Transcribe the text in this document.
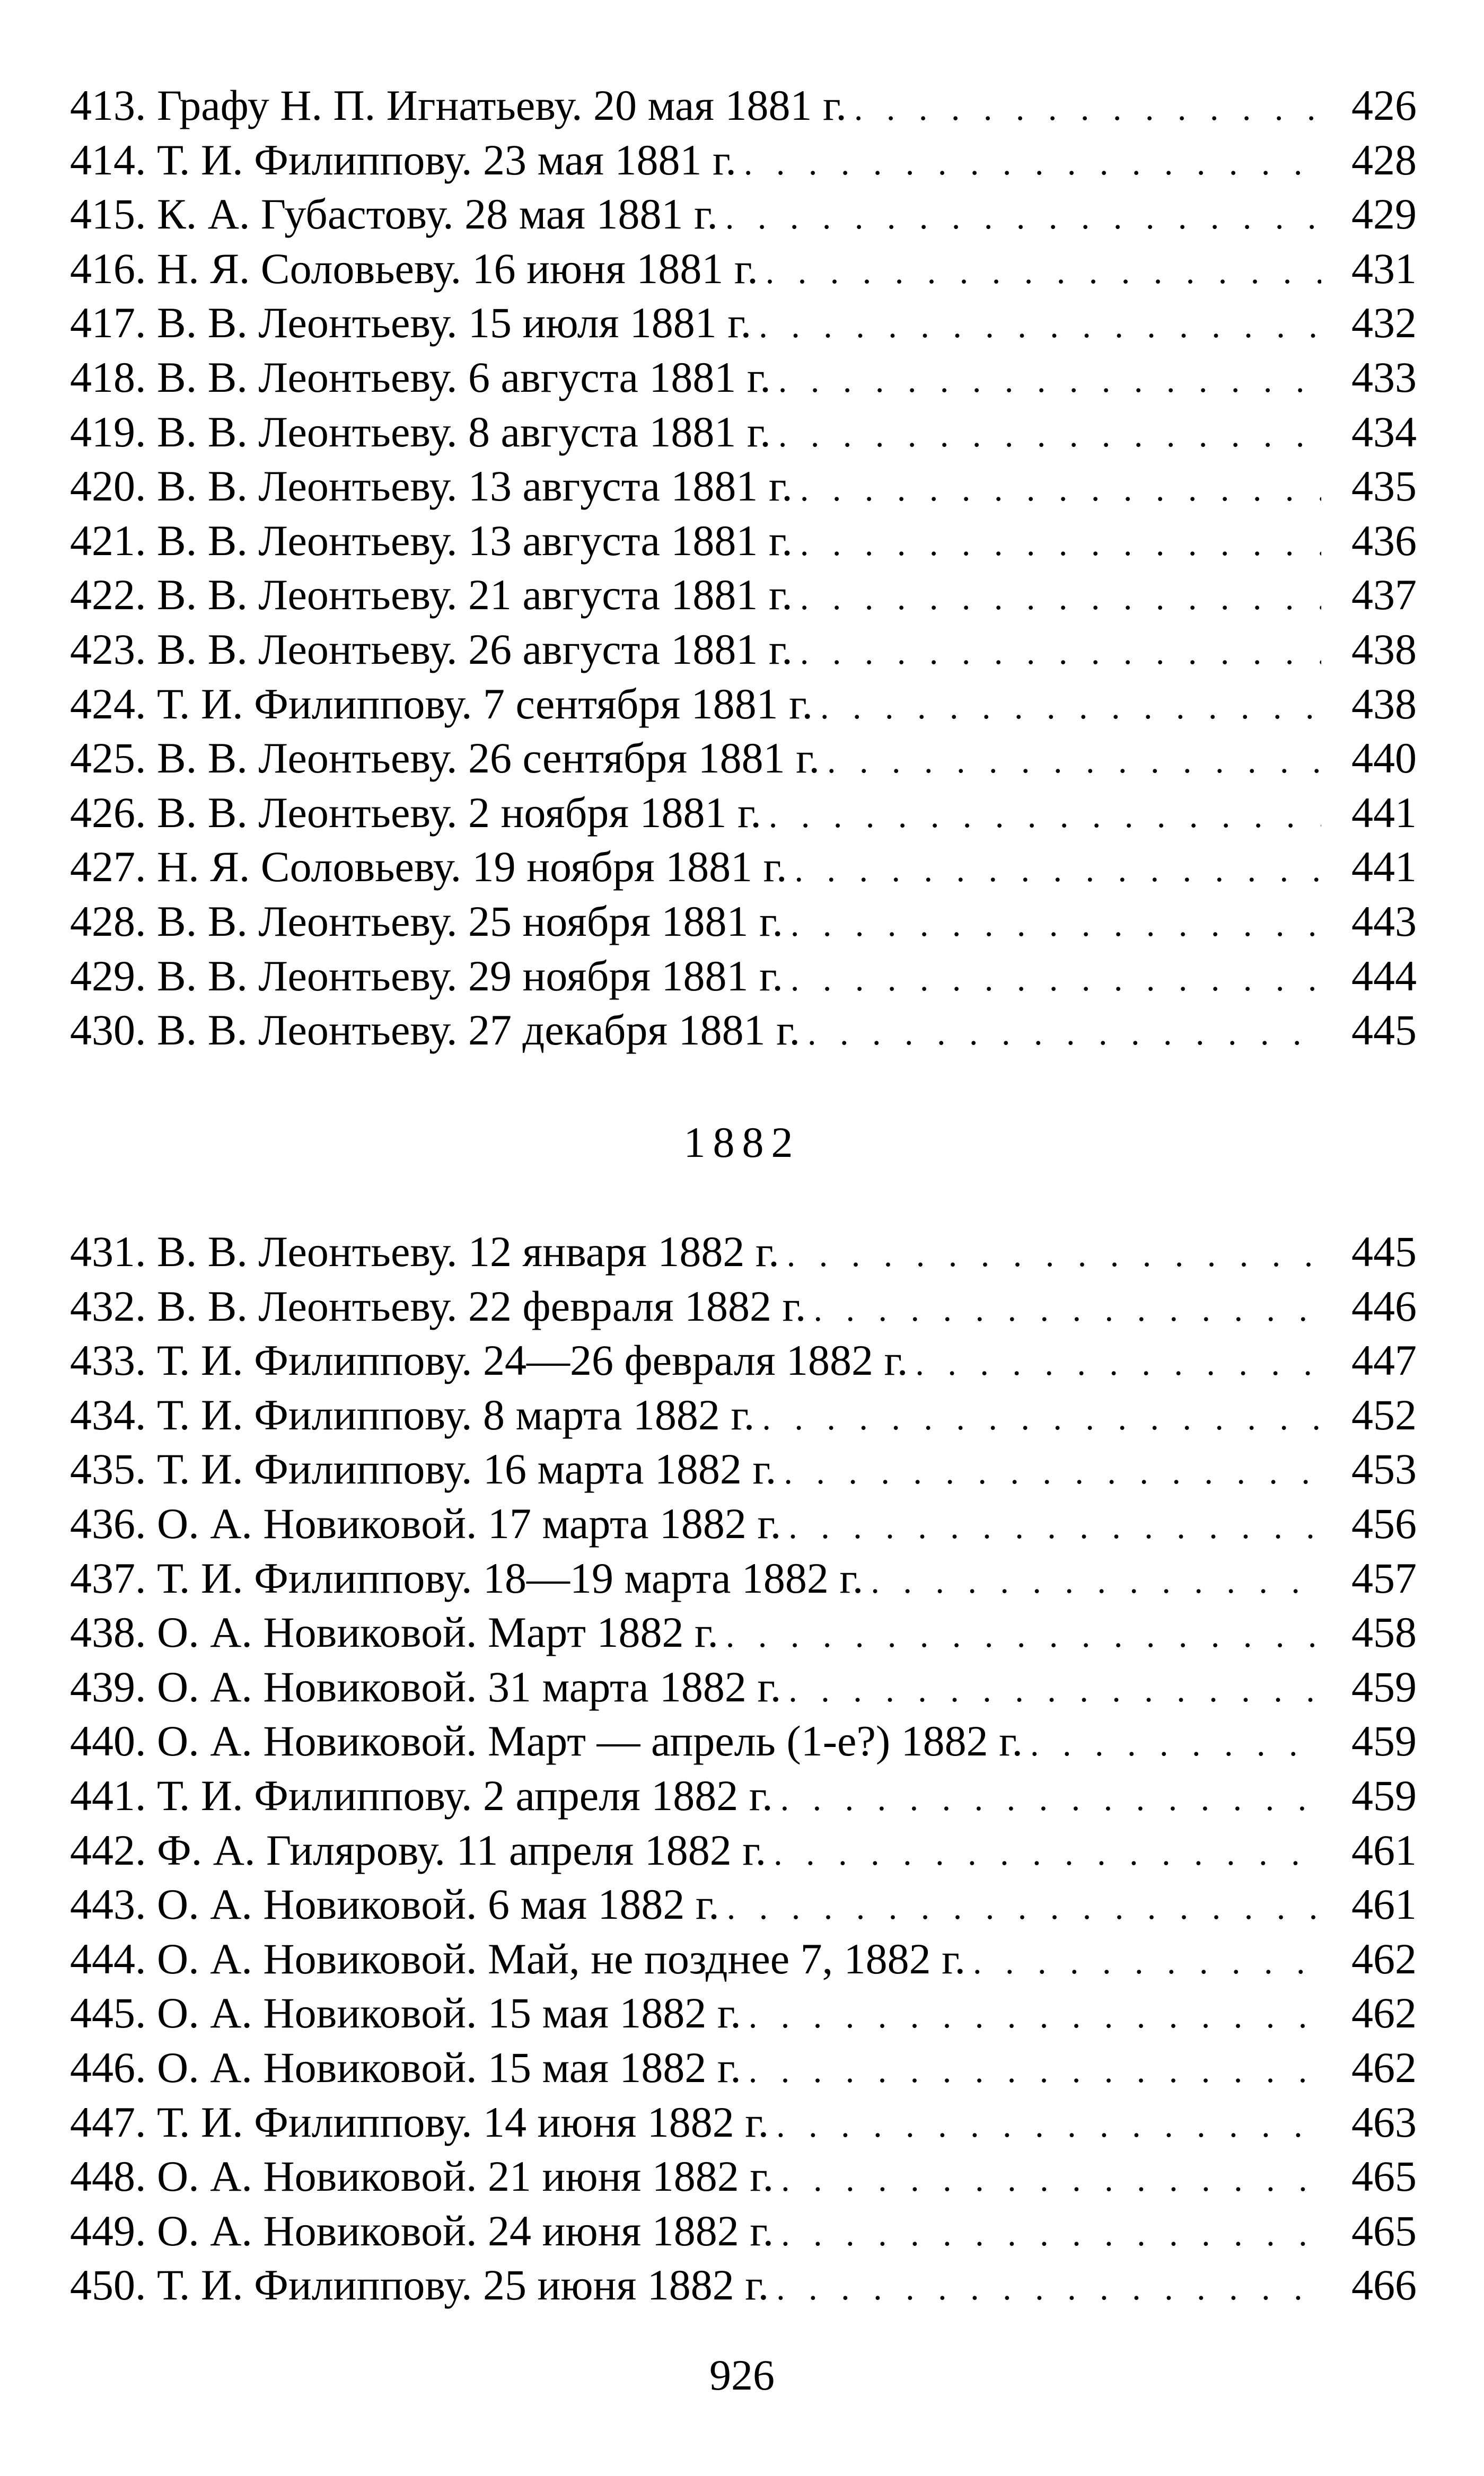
413. Графу Н. П. Игнатьеву. 20 мая 1881 г. . . .	426
414. Т. И. Филиппову. 23 мая 1881 г. . . .	428
415. К. А. Губастову. 28 мая 1881 г. . . .	429
416. Н. Я. Соловьеву. 16 июня 1881 г. . . .	431
417. В. В. Леонтьеву. 15 июля 1881 г. . . .	432
418. В. В. Леонтьеву. 6 августа 1881 г. . . .	433
419. В. В. Леонтьеву. 8 августа 1881 г. . . .	434
420. В. В. Леонтьеву. 13 августа 1881 г. . . .	435
421. В. В. Леонтьеву. 13 августа 1881 г. . . .	436
422. В. В. Леонтьеву. 21 августа 1881 г. . . .	437
423. В. В. Леонтьеву. 26 августа 1881 г. . . .	438
424. Т. И. Филиппову. 7 сентября 1881 г. . . .	438
425. В. В. Леонтьеву. 26 сентября 1881 г. . . .	440
426. В. В. Леонтьеву. 2 ноября 1881 г. . . .	441
427. Н. Я. Соловьеву. 19 ноября 1881 г. . . .	441
428. В. В. Леонтьеву. 25 ноября 1881 г. . . .	443
429. В. В. Леонтьеву. 29 ноября 1881 г. . . .	444
430. В. В. Леонтьеву. 27 декабря 1881 г. . . .	445
1882
431. В. В. Леонтьеву. 12 января 1882 г. . . .	445
432. В. В. Леонтьеву. 22 февраля 1882 г. . . .	446
433. Т. И. Филиппову. 24—26 февраля 1882 г. . . .	447
434. Т. И. Филиппову. 8 марта 1882 г. . . .	452
435. Т. И. Филиппову. 16 марта 1882 г. . . .	453
436. О. А. Новиковой. 17 марта 1882 г. . . .	456
437. Т. И. Филиппову. 18—19 марта 1882 г. . . .	457
438. О. А. Новиковой. Март 1882 г. . . .	458
439. О. А. Новиковой. 31 марта 1882 г. . . .	459
440. О. А. Новиковой. Март — апрель (1-е?) 1882 г. . . .	459
441. Т. И. Филиппову. 2 апреля 1882 г. . . .	459
442. Ф. А. Гилярову. 11 апреля 1882 г. . . .	461
443. О. А. Новиковой. 6 мая 1882 г. . . .	461
444. О. А. Новиковой. Май, не позднее 7, 1882 г. . . .	462
445. О. А. Новиковой. 15 мая 1882 г. . . .	462
446. О. А. Новиковой. 15 мая 1882 г. . . .	462
447. Т. И. Филиппову. 14 июня 1882 г. . . .	463
448. О. А. Новиковой. 21 июня 1882 г. . . .	465
449. О. А. Новиковой. 24 июня 1882 г. . . .	465
450. Т. И. Филиппову. 25 июня 1882 г. . . .	466
926
